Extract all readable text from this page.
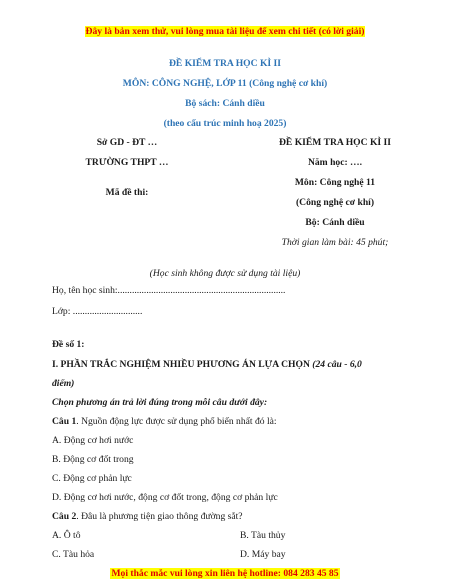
Đây là bản xem thử, vui lòng mua tài liệu để xem chi tiết (có lời giải)
ĐỀ KIỂM TRA HỌC KÌ II
MÔN: CÔNG NGHỆ, LỚP 11 (Công nghệ cơ khí)
Bộ sách: Cánh diều
(theo cấu trúc minh hoạ 2025)
Sở GD - ĐT …
TRƯỜNG THPT …
Mã đề thi:
ĐỀ KIỂM TRA HỌC KÌ II
Năm học: ….
Môn: Công nghệ 11
(Công nghệ cơ khí)
Bộ: Cánh diều
Thời gian làm bài: 45 phút;
(Học sinh không được sử dụng tài liệu)
Họ, tên học sinh:......................................................................
Lớp: .............................
Đề số 1:
I. PHẦN TRẮC NGHIỆM NHIỀU PHƯƠNG ÁN LỰA CHỌN (24 câu - 6,0
điểm)
Chọn phương án trả lời đúng trong mỗi câu dưới đây:
Câu 1. Nguồn động lực được sử dụng phổ biến nhất đó là:
A. Động cơ hơi nước
B. Động cơ đốt trong
C. Động cơ phản lực
D. Động cơ hơi nước, động cơ đốt trong, động cơ phản lực
Câu 2. Đâu là phương tiện giao thông đường sắt?
A. Ô tô	B. Tàu thủy
C. Tàu hỏa	D. Máy bay
Mọi thắc mắc vui lòng xin liên hệ hotline: 084 283 45 85
